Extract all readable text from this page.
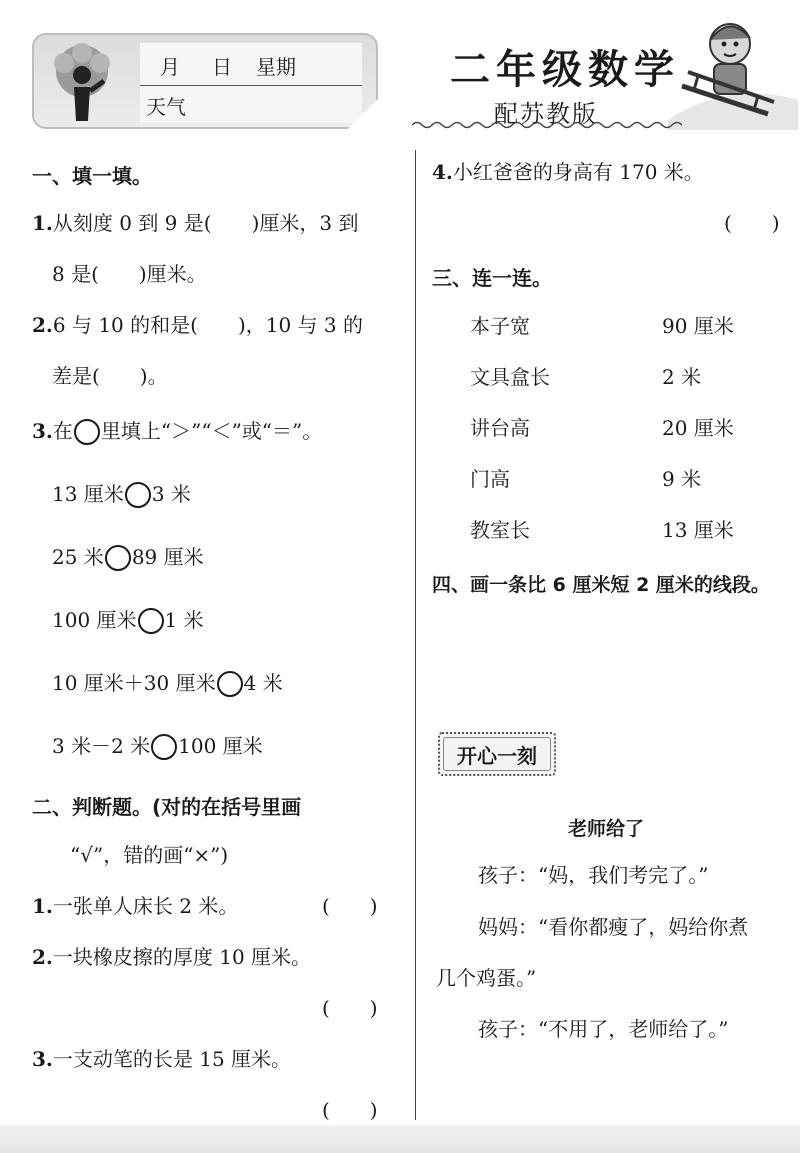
月 日 星期
天气
二年级数学
配苏教版
一、填一填。
1.从刻度 0 到 9 是(　　)厘米，3 到
8 是(　　)厘米。
2.6 与 10 的和是(　　)，10 与 3 的
差是(　　)。
3.在 里填上“＞”“＜”或“＝”。
13 厘米 3 米
25 米 89 厘米
100 厘米 1 米
10 厘米＋30 厘米 4 米
3 米－2 米 100 厘米
二、判断题。(对的在括号里画
“√”，错的画“×”)
1.一张单人床长 2 米。	(　　)
2.一块橡皮擦的厚度 10 厘米。
(　　)
3.一支动笔的长是 15 厘米。
(　　)
4.小红爸爸的身高有 170 米。
(　　)
三、连一连。
本子宽	90 厘米
文具盒长	2 米
讲台高	20 厘米
门高	9 米
教室长	13 厘米
四、画一条比 6 厘米短 2 厘米的线段。
开心一刻
老师给了
孩子：“妈，我们考完了。”
妈妈：“看你都瘦了，妈给你煮
几个鸡蛋。”
孩子：“不用了，老师给了。”
